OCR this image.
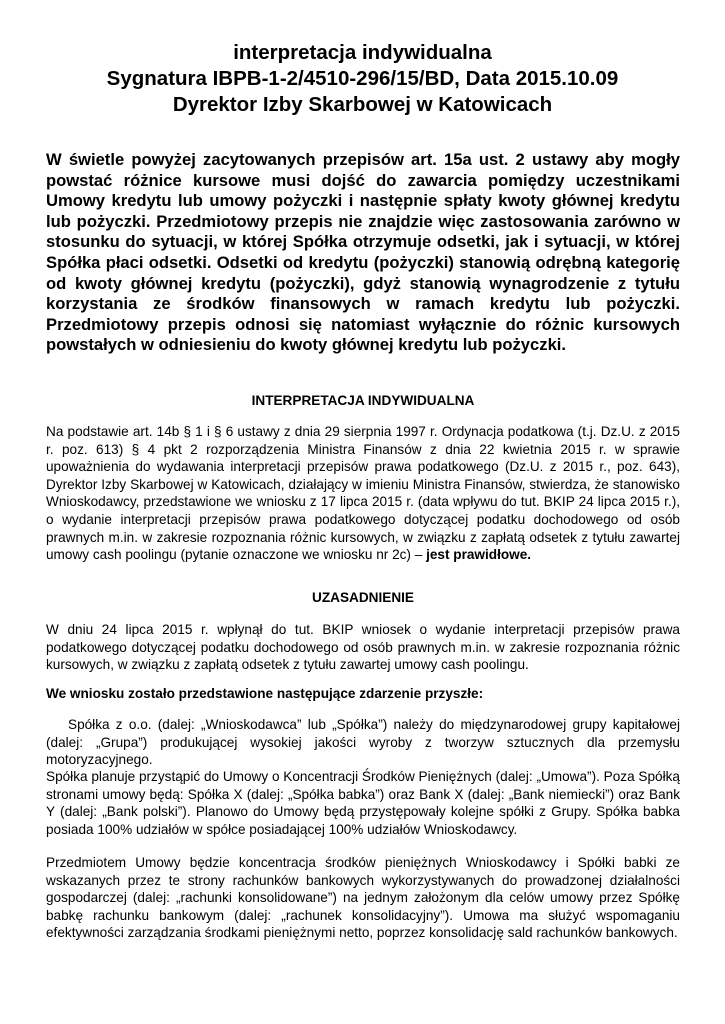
interpretacja indywidualna
Sygnatura IBPB-1-2/4510-296/15/BD, Data 2015.10.09
Dyrektor Izby Skarbowej w Katowicach

W świetle powyżej zacytowanych przepisów art. 15a ust. 2 ustawy aby mogły powstać różnice kursowe musi dojść do zawarcia pomiędzy uczestnikami Umowy kredytu lub umowy pożyczki i następnie spłaty kwoty głównej kredytu lub pożyczki. Przedmiotowy przepis nie znajdzie więc zastosowania zarówno w stosunku do sytuacji, w której Spółka otrzymuje odsetki, jak i sytuacji, w której Spółka płaci odsetki. Odsetki od kredytu (pożyczki) stanowią odrębną kategorię od kwoty głównej kredytu (pożyczki), gdyż stanowią wynagrodzenie z tytułu korzystania ze środków finansowych w ramach kredytu lub pożyczki. Przedmiotowy przepis odnosi się natomiast wyłącznie do różnic kursowych powstałych w odniesieniu do kwoty głównej kredytu lub pożyczki.

INTERPRETACJA INDYWIDUALNA

Na podstawie art. 14b § 1 i § 6 ustawy z dnia 29 sierpnia 1997 r. Ordynacja podatkowa (t.j. Dz.U. z 2015 r. poz. 613) § 4 pkt 2 rozporządzenia Ministra Finansów z dnia 22 kwietnia 2015 r. w sprawie upoważnienia do wydawania interpretacji przepisów prawa podatkowego (Dz.U. z 2015 r., poz. 643), Dyrektor Izby Skarbowej w Katowicach, działający w imieniu Ministra Finansów, stwierdza, że stanowisko Wnioskodawcy, przedstawione we wniosku z 17 lipca 2015 r. (data wpływu do tut. BKIP 24 lipca 2015 r.), o wydanie interpretacji przepisów prawa podatkowego dotyczącej podatku dochodowego od osób prawnych m.in. w zakresie rozpoznania różnic kursowych, w związku z zapłatą odsetek z tytułu zawartej umowy cash poolingu (pytanie oznaczone we wniosku nr 2c) – jest prawidłowe.

UZASADNIENIE

W dniu 24 lipca 2015 r. wpłynął do tut. BKIP wniosek o wydanie interpretacji przepisów prawa podatkowego dotyczącej podatku dochodowego od osób prawnych m.in. w zakresie rozpoznania różnic kursowych, w związku z zapłatą odsetek z tytułu zawartej umowy cash poolingu.

We wniosku zostało przedstawione następujące zdarzenie przyszłe:

Spółka z o.o. (dalej: „Wnioskodawca” lub „Spółka”) należy do międzynarodowej grupy kapitałowej (dalej: „Grupa”) produkującej wysokiej jakości wyroby z tworzyw sztucznych dla przemysłu motoryzacyjnego.

Spółka planuje przystąpić do Umowy o Koncentracji Środków Pieniężnych (dalej: „Umowa”). Poza Spółką stronami umowy będą: Spółka X (dalej: „Spółka babka”) oraz Bank X (dalej: „Bank niemiecki”) oraz Bank Y (dalej: „Bank polski”). Planowo do Umowy będą przystępowały kolejne spółki z Grupy. Spółka babka posiada 100% udziałów w spółce posiadającej 100% udziałów Wnioskodawcy.

Przedmiotem Umowy będzie koncentracja środków pieniężnych Wnioskodawcy i Spółki babki ze wskazanych przez te strony rachunków bankowych wykorzystywanych do prowadzonej działalności gospodarczej (dalej: „rachunki konsolidowane”) na jednym założonym dla celów umowy przez Spółkę babkę rachunku bankowym (dalej: „rachunek konsolidacyjny”). Umowa ma służyć wspomaganiu efektywności zarządzania środkami pieniężnymi netto, poprzez konsolidację sald rachunków bankowych.
